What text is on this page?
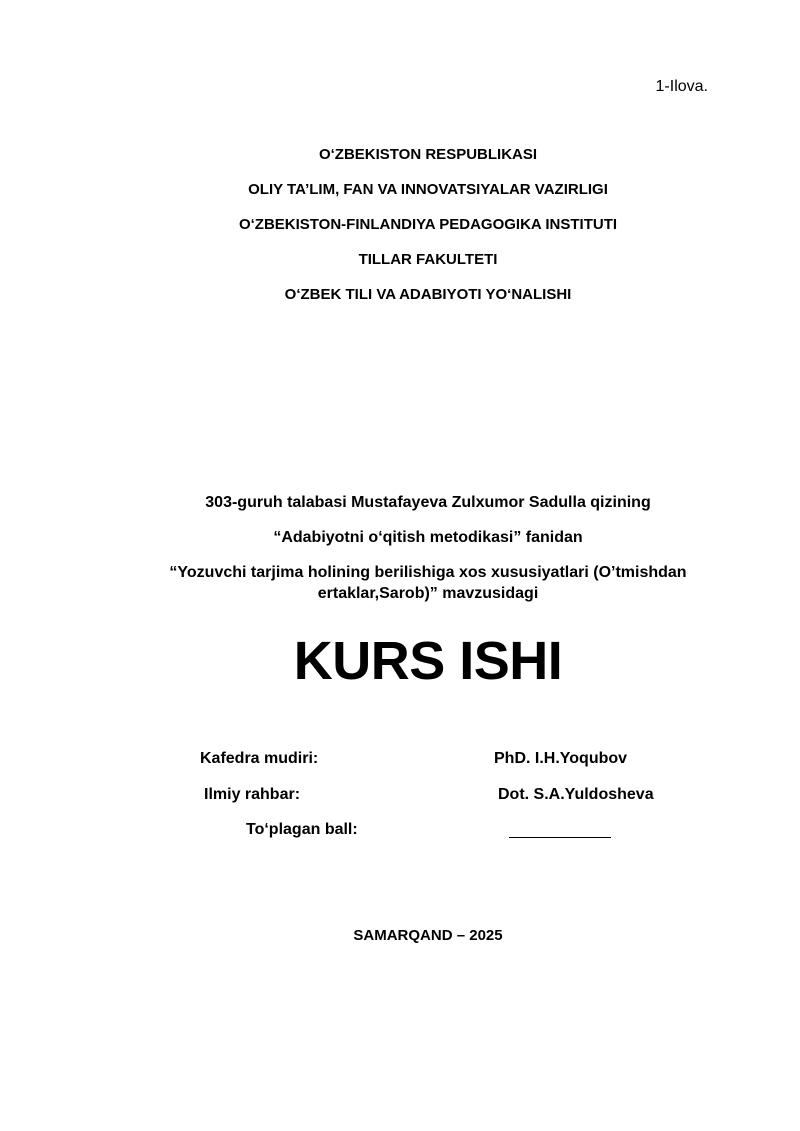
1-Ilova.
O‘ZBEKISTON RESPUBLIKASI
OLIY TA’LIM, FAN VA INNOVATSIYALAR VAZIRLIGI
O‘ZBEKISTON-FINLANDIYA PEDAGOGIKA INSTITUTI
TILLAR FAKULTETI
O‘ZBEK TILI VA ADABIYOTI YO‘NALISHI
303-guruh talabasi Mustafayeva Zulxumor Sadulla qizining
“Adabiyotni o‘qitish metodikasi” fanidan
“Yozuvchi tarjima holining berilishiga xos xususiyatlari (O’tmishdan ertaklar,Sarob)” mavzusidagi
KURS ISHI
Kafedra mudiri:	PhD. I.H.Yoqubov
Ilmiy rahbar:	Dot. S.A.Yuldosheva
To‘plagan ball:
SAMARQAND – 2025
